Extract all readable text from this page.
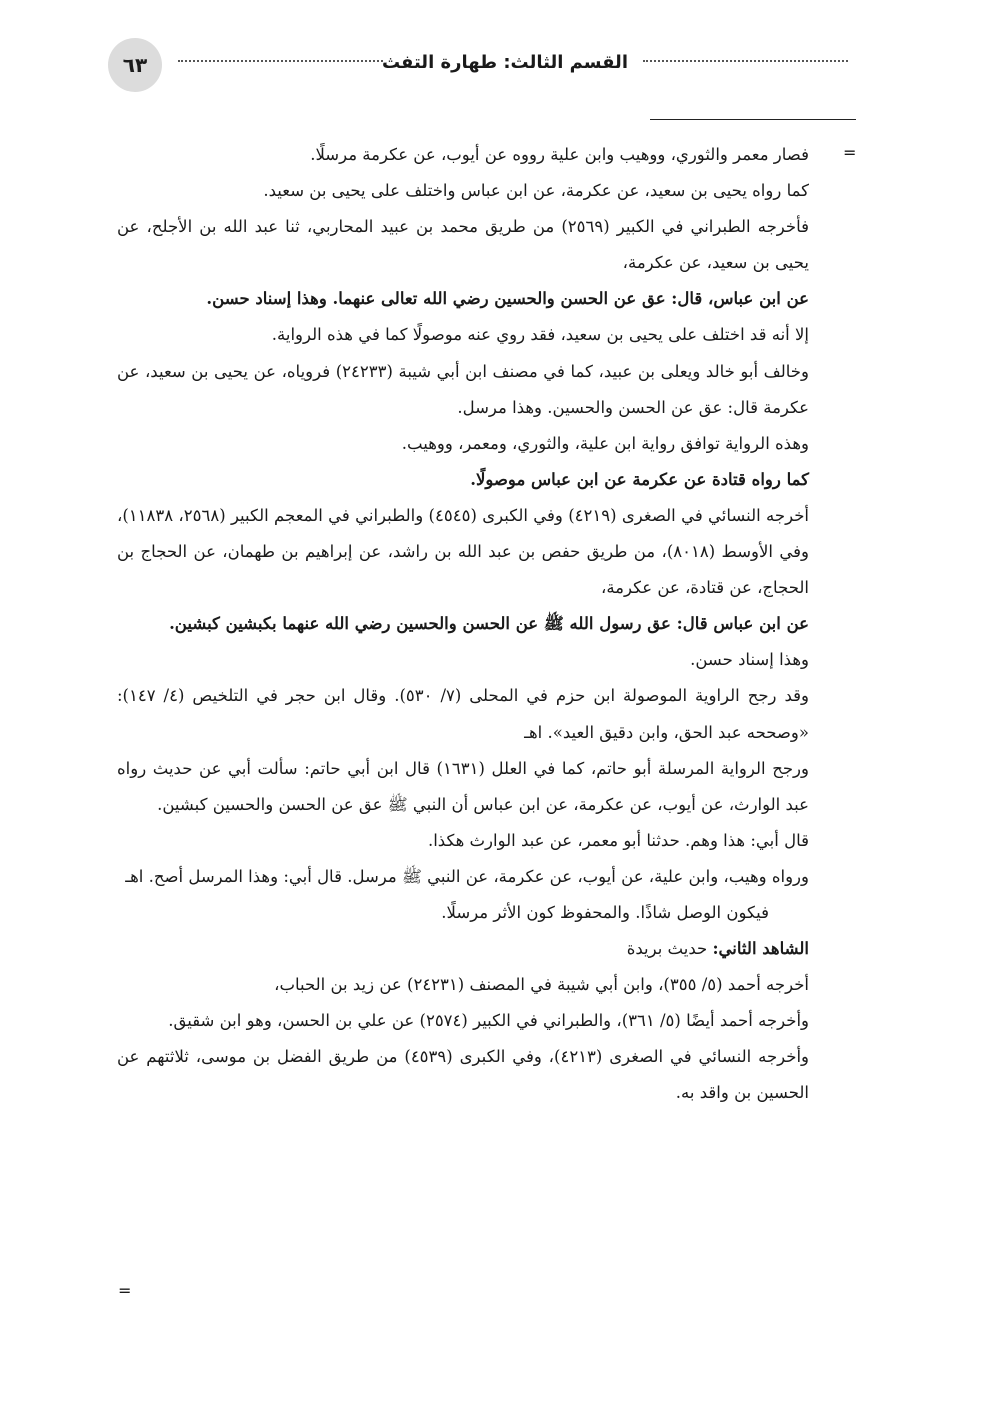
القسم الثالث: طهارة التفث
٦٣
=

فصار معمر والثوري، ووهيب وابن علية رووه عن أيوب، عن عكرمة مرسلًا.

كما رواه يحيى بن سعيد، عن عكرمة، عن ابن عباس واختلف على يحيى بن سعيد.

فأخرجه الطبراني في الكبير (٢٥٦٩) من طريق محمد بن عبيد المحاربي، ثنا عبد الله بن الأجلح، عن يحيى بن سعيد، عن عكرمة،

عن ابن عباس، قال: عق عن الحسن والحسين رضي الله تعالى عنهما. وهذا إسناد حسن.

إلا أنه قد اختلف على يحيى بن سعيد، فقد روي عنه موصولًا كما في هذه الرواية.

وخالف أبو خالد ويعلى بن عبيد، كما في مصنف ابن أبي شيبة (٢٤٢٣٣) فروياه، عن يحيى بن سعيد، عن عكرمة قال: عق عن الحسن والحسين. وهذا مرسل.

وهذه الرواية توافق رواية ابن علية، والثوري، ومعمر، ووهيب.

كما رواه قتادة عن عكرمة عن ابن عباس موصولًا.

أخرجه النسائي في الصغرى (٤٢١٩) وفي الكبرى (٤٥٤٥) والطبراني في المعجم الكبير (٢٥٦٨، ١١٨٣٨)، وفي الأوسط (٨٠١٨)، من طريق حفص بن عبد الله بن راشد، عن إبراهيم بن طهمان، عن الحجاج بن الحجاج، عن قتادة، عن عكرمة،

عن ابن عباس قال: عق رسول الله ﷺ عن الحسن والحسين رضي الله عنهما بكبشين كبشين.

وهذا إسناد حسن.

وقد رجح الراوية الموصولة ابن حزم في المحلى (٧/ ٥٣٠). وقال ابن حجر في التلخيص (٤/ ١٤٧): «وصححه عبد الحق، وابن دقيق العيد». اهـ

ورجح الرواية المرسلة أبو حاتم، كما في العلل (١٦٣١) قال ابن أبي حاتم: سألت أبي عن حديث رواه عبد الوارث، عن أيوب، عن عكرمة، عن ابن عباس أن النبي ﷺ عق عن الحسن والحسين كبشين.

قال أبي: هذا وهم. حدثنا أبو معمر، عن عبد الوارث هكذا.

ورواه وهيب، وابن علية، عن أيوب، عن عكرمة، عن النبي ﷺ مرسل. قال أبي: وهذا المرسل أصح. اهـ

فيكون الوصل شاذًا. والمحفوظ كون الأثر مرسلًا.

الشاهد الثاني: حديث بريدة

أخرجه أحمد (٥/ ٣٥٥)، وابن أبي شيبة في المصنف (٢٤٢٣١) عن زيد بن الحباب،

وأخرجه أحمد أيضًا (٥/ ٣٦١)، والطبراني في الكبير (٢٥٧٤) عن علي بن الحسن، وهو ابن شقيق.

وأخرجه النسائي في الصغرى (٤٢١٣)، وفي الكبرى (٤٥٣٩) من طريق الفضل بن موسى، ثلاثتهم عن الحسين بن واقد به.

=
